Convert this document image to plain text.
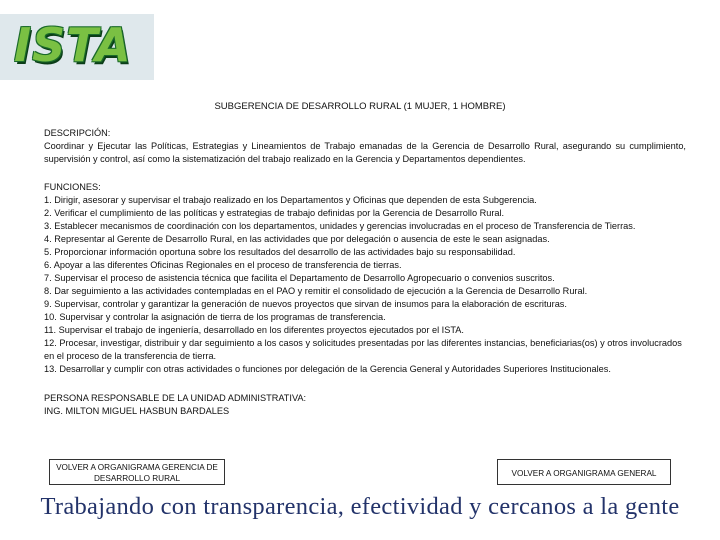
ISTA
SUBGERENCIA DE DESARROLLO RURAL (1 MUJER, 1 HOMBRE)
DESCRIPCIÓN:
Coordinar y Ejecutar las Políticas, Estrategias y Lineamientos de Trabajo emanadas de la Gerencia de Desarrollo Rural, asegurando su cumplimiento, supervisión y control, así como la sistematización del trabajo realizado en la Gerencia y Departamentos dependientes.
FUNCIONES:
1. Dirigir, asesorar y supervisar el trabajo realizado en los Departamentos y Oficinas que dependen de esta Subgerencia.
2. Verificar el cumplimiento de las políticas y estrategias de trabajo definidas por la Gerencia de Desarrollo Rural.
3. Establecer mecanismos de coordinación con los departamentos, unidades y gerencias involucradas en el proceso de Transferencia de Tierras.
4. Representar al Gerente de Desarrollo Rural, en las actividades que por delegación o ausencia de este le sean asignadas.
5. Proporcionar información oportuna sobre los resultados del desarrollo de las actividades bajo su responsabilidad.
6. Apoyar a las diferentes Oficinas Regionales en el proceso de transferencia de tierras.
7. Supervisar el proceso de asistencia técnica que facilita el Departamento de Desarrollo Agropecuario o convenios suscritos.
8. Dar seguimiento a las actividades contempladas en el PAO y remitir el consolidado de ejecución a la Gerencia de Desarrollo Rural.
9. Supervisar, controlar y garantizar la generación de nuevos proyectos que sirvan de insumos para la elaboración de escrituras.
10. Supervisar y controlar la asignación de tierra de los programas de transferencia.
11. Supervisar el trabajo de ingeniería, desarrollado en los diferentes proyectos ejecutados por el ISTA.
12. Procesar, investigar, distribuir y dar seguimiento a los casos y solicitudes presentadas por las diferentes instancias, beneficiarias(os) y otros involucrados en el proceso de la transferencia de tierra.
13. Desarrollar y cumplir con otras actividades o funciones por delegación de la Gerencia General y Autoridades Superiores Institucionales.
PERSONA RESPONSABLE DE LA UNIDAD ADMINISTRATIVA:
ING. MILTON MIGUEL HASBUN BARDALES
VOLVER A ORGANIGRAMA GERENCIA DE DESARROLLO RURAL
VOLVER A ORGANIGRAMA GENERAL
Trabajando con transparencia, efectividad y cercanos a la gente
